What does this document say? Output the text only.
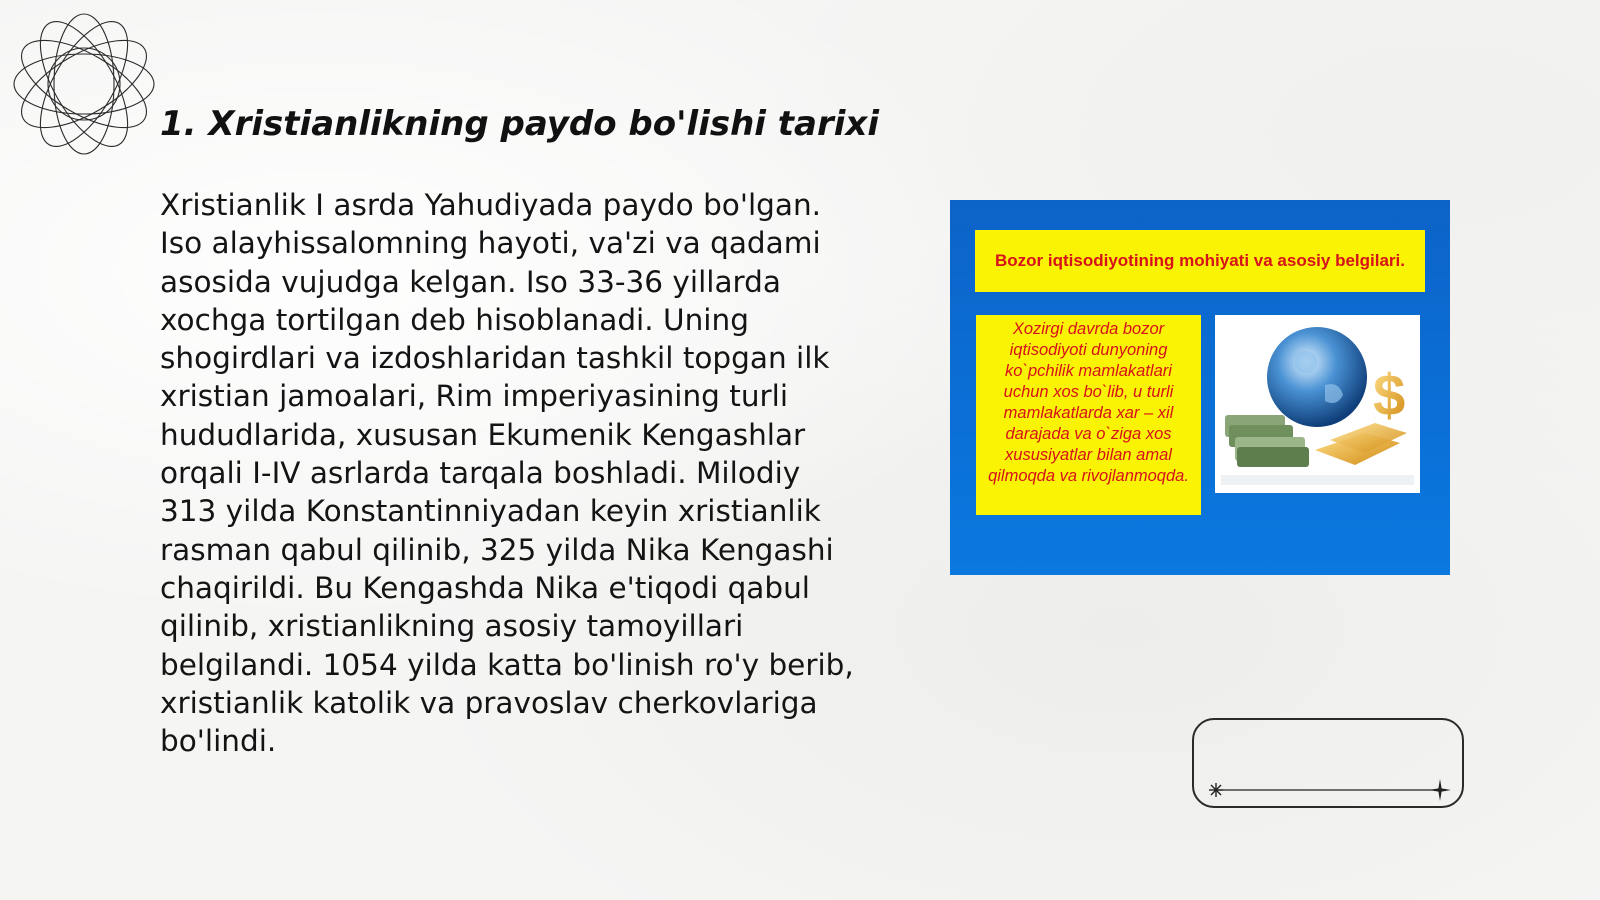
1. Xristianlikning paydo bo'lishi tarixi

Xristianlik I asrda Yahudiyada paydo bo'lgan. Iso alayhissalomning hayoti, va'zi va qadami asosida vujudga kelgan. Iso 33-36 yillarda xochga tortilgan deb hisoblanadi. Uning shogirdlari va izdoshlaridan tashkil topgan ilk xristian jamoalari, Rim imperiyasining turli hududlarida, xususan Ekumenik Kengashlar orqali I-IV asrlarda tarqala boshladi. Milodiy 313 yilda Konstantinniyadan keyin xristianlik rasman qabul qilinib, 325 yilda Nika Kengashi chaqirildi. Bu Kengashda Nika e'tiqodi qabul qilinib, xristianlikning asosiy tamoyillari belgilandi. 1054 yilda katta bo'linish ro'y berib, xristianlik katolik va pravoslav cherkovlariga bo'lindi.

Bozor iqtisodiyotining mohiyati va asosiy belgilari.
Xozirgi davrda bozor iqtisodiyoti dunyoning ko`pchilik mamlakatlari uchun xos bo`lib, u turli mamlakatlarda xar – xil darajada va o`ziga xos xususiyatlar bilan amal qilmoqda va rivojlanmoqda.
$
